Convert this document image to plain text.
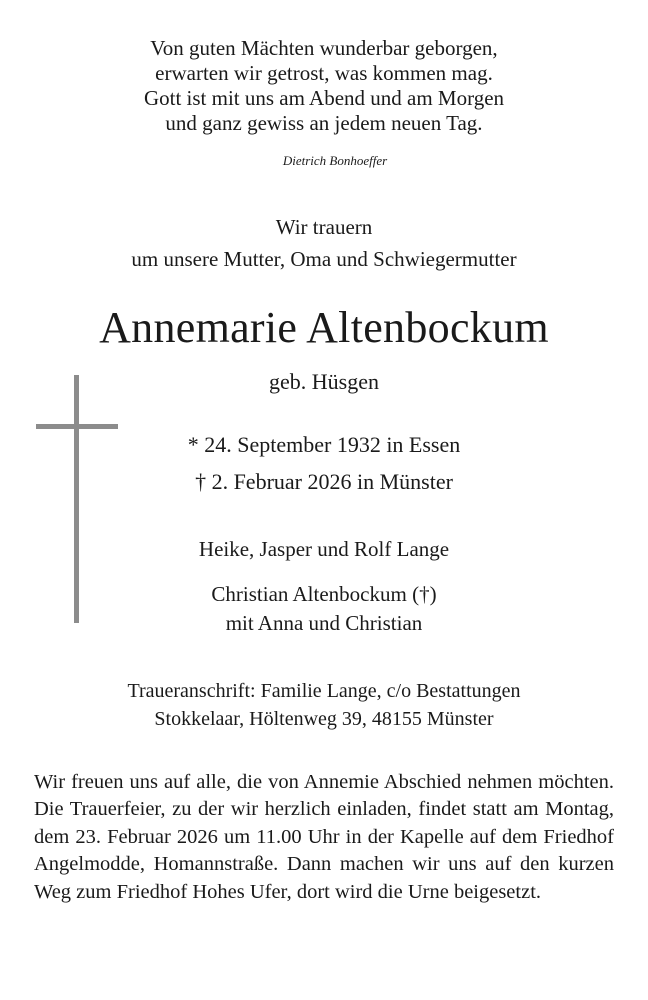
Von guten Mächten wunderbar geborgen,
erwarten wir getrost, was kommen mag.
Gott ist mit uns am Abend und am Morgen
und ganz gewiss an jedem neuen Tag.
Dietrich Bonhoeffer
Wir trauern
um unsere Mutter, Oma und Schwiegermutter
Annemarie Altenbockum
geb. Hüsgen
* 24. September 1932 in Essen
† 2. Februar 2026 in Münster
Heike, Jasper und Rolf Lange
Christian Altenbockum (†)
mit Anna und Christian
Traueranschrift: Familie Lange, c/o Bestattungen
Stokkelaar, Höltenweg 39, 48155 Münster
Wir freuen uns auf alle, die von Annemie Abschied nehmen möchten. Die Trauerfeier, zu der wir herzlich einladen, findet statt am Montag, dem 23. Februar 2026 um 11.00 Uhr in der Kapelle auf dem Friedhof Angelmodde, Homannstraße. Dann machen wir uns auf den kurzen Weg zum Friedhof Hohes Ufer, dort wird die Urne beigesetzt.
